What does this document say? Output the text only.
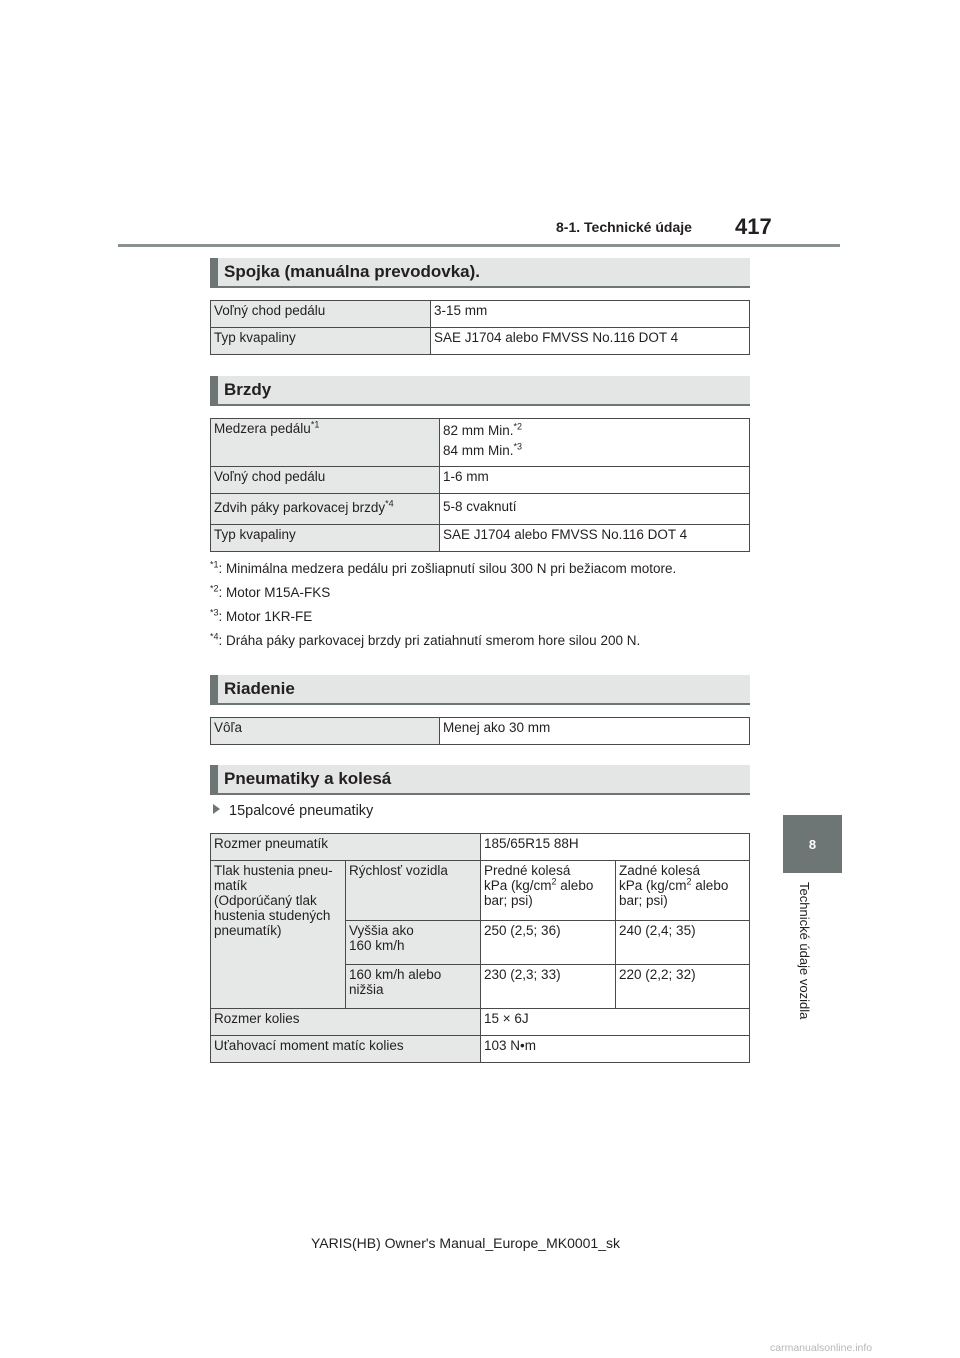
8-1. Technické údaje 417
8
Technické údaje vozidla
Spojka (manuálna prevodovka).
Voľný chod pedálu	3-15 mm
Typ kvapaliny	SAE J1704 alebo FMVSS No.116 DOT 4
Brzdy
Medzera pedálu$^{*1}$	82 mm Min.$^{*2}$
84 mm Min.$^{*3}$
Voľný chod pedálu	1-6 mm
Zdvih páky parkovacej brzdy$^{*4}$	5-8 cvaknutí
Typ kvapaliny	SAE J1704 alebo FMVSS No.116 DOT 4
$^{*1}$: Minimálna medzera pedálu pri zošliapnutí silou 300 N pri bežiacom motore.
$^{*2}$: Motor M15A-FKS
$^{*3}$: Motor 1KR-FE
$^{*4}$: Dráha páky parkovacej brzdy pri zatiahnutí smerom hore silou 200 N.
Riadenie
Vôľa	Menej ako 30 mm
Pneumatiky a kolesá
15palcové pneumatiky
Rozmer pneumatík		185/65R15 88H	
Tlak hustenia pneu-
matík
(Odporúčaný tlak
hustenia studených
pneumatík)	Rýchlosť vozidla	Predné kolesá
kPa ($kg/cm^2$ alebo
bar; psi)	Zadné kolesá
kPa ($kg/cm^2$ alebo
bar; psi)
	Vyššia ako
160 km/h	250 (2,5; 36)	240 (2,4; 35)
	160 km/h alebo
nižšia	230 (2,3; 33)	220 (2,2; 32)
Rozmer kolies		15 × 6J	
Uťahovací moment matíc kolies		103 N•m	
YARIS(HB) Owner's Manual_Europe_MK0001_sk
carmanualsonline.info
